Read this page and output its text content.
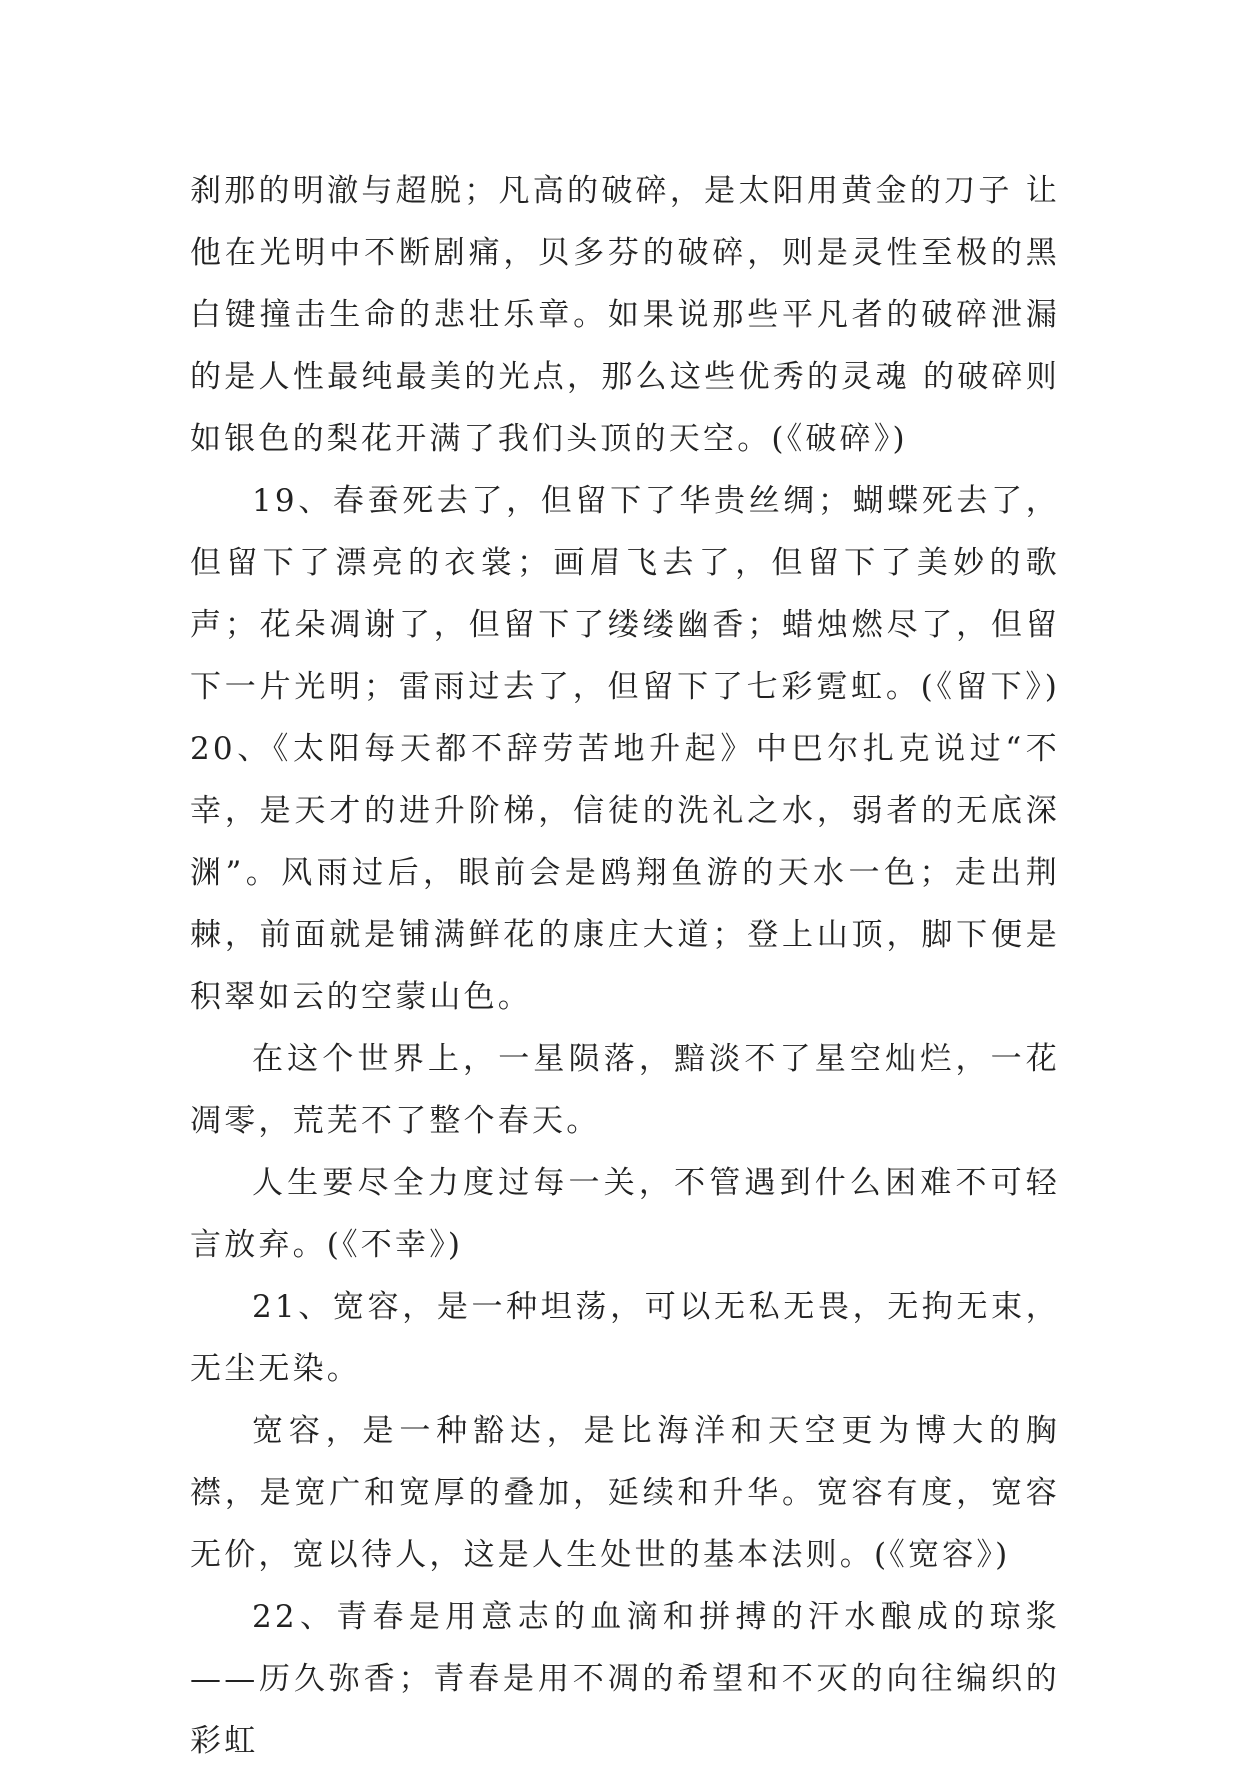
刹那的明澈与超脱；凡高的破碎，是太阳用黄金的刀子 让他在光明中不断剧痛，贝多芬的破碎，则是灵性至极的黑白键撞击生命的悲壮乐章。如果说那些平凡者的破碎泄漏的是人性最纯最美的光点，那么这些优秀的灵魂 的破碎则如银色的梨花开满了我们头顶的天空。(《破碎》)

19、春蚕死去了，但留下了华贵丝绸；蝴蝶死去了，但留下了漂亮的衣裳；画眉飞去了，但留下了美妙的歌声；花朵凋谢了，但留下了缕缕幽香；蜡烛燃尽了，但留下一片光明；雷雨过去了，但留下了七彩霓虹。(《留下》) 20、《太阳每天都不辞劳苦地升起》中巴尔扎克说过“不幸，是天才的进升阶梯，信徒的洗礼之水，弱者的无底深渊”。风雨过后，眼前会是鸥翔鱼游的天水一色；走出荆棘，前面就是铺满鲜花的康庄大道；登上山顶，脚下便是积翠如云的空蒙山色。

在这个世界上，一星陨落，黯淡不了星空灿烂，一花凋零，荒芜不了整个春天。

人生要尽全力度过每一关，不管遇到什么困难不可轻言放弃。(《不幸》)

21、宽容，是一种坦荡，可以无私无畏，无拘无束，无尘无染。

宽容，是一种豁达，是比海洋和天空更为博大的胸襟，是宽广和宽厚的叠加，延续和升华。宽容有度，宽容无价，宽以待人，这是人生处世的基本法则。(《宽容》)

22、青春是用意志的血滴和拼搏的汗水酿成的琼浆——历久弥香；青春是用不凋的希望和不灭的向往编织的彩虹
